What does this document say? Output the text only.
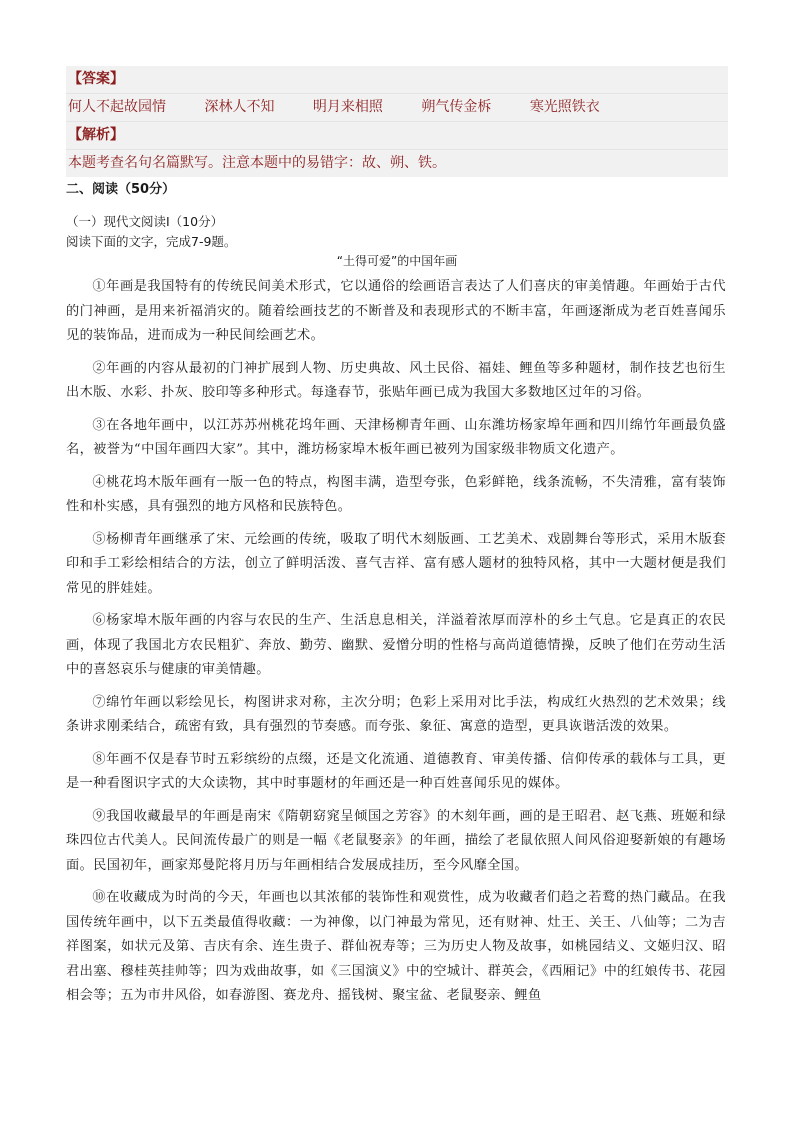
【答案】
何人不起故园情	深林人不知	明月来相照	朔气传金柝	寒光照铁衣
【解析】
本题考查名句名篇默写。注意本题中的易错字：故、朔、铁。
二、阅读（50分）
（一）现代文阅读Ⅰ（10分）
阅读下面的文字，完成7-9题。
“土得可爱”的中国年画

①年画是我国特有的传统民间美术形式，它以通俗的绘画语言表达了人们喜庆的审美情趣。年画始于古代的门神画，是用来祈福消灾的。随着绘画技艺的不断普及和表现形式的不断丰富，年画逐渐成为老百姓喜闻乐见的装饰品，进而成为一种民间绘画艺术。

②年画的内容从最初的门神扩展到人物、历史典故、风土民俗、福娃、鲤鱼等多种题材，制作技艺也衍生出木版、水彩、扑灰、胶印等多种形式。每逢春节，张贴年画已成为我国大多数地区过年的习俗。

③在各地年画中，以江苏苏州桃花坞年画、天津杨柳青年画、山东潍坊杨家埠年画和四川绵竹年画最负盛名，被誉为“中国年画四大家”。其中，潍坊杨家埠木板年画已被列为国家级非物质文化遗产。

④桃花坞木版年画有一版一色的特点，构图丰满，造型夸张，色彩鲜艳，线条流畅，不失清雅，富有装饰性和朴实感，具有强烈的地方风格和民族特色。

⑤杨柳青年画继承了宋、元绘画的传统，吸取了明代木刻版画、工艺美术、戏剧舞台等形式，采用木版套印和手工彩绘相结合的方法，创立了鲜明活泼、喜气吉祥、富有感人题材的独特风格，其中一大题材便是我们常见的胖娃娃。

⑥杨家埠木版年画的内容与农民的生产、生活息息相关，洋溢着浓厚而淳朴的乡土气息。它是真正的农民画，体现了我国北方农民粗犷、奔放、勤劳、幽默、爱憎分明的性格与高尚道德情操，反映了他们在劳动生活中的喜怒哀乐与健康的审美情趣。

⑦绵竹年画以彩绘见长，构图讲求对称，主次分明；色彩上采用对比手法，构成红火热烈的艺术效果；线条讲求刚柔结合，疏密有致，具有强烈的节奏感。而夸张、象征、寓意的造型，更具诙谐活泼的效果。

⑧年画不仅是春节时五彩缤纷的点缀，还是文化流通、道德教育、审美传播、信仰传承的载体与工具，更是一种看图识字式的大众读物，其中时事题材的年画还是一种百姓喜闻乐见的媒体。

⑨我国收藏最早的年画是南宋《隋朝窈窕呈倾国之芳容》的木刻年画，画的是王昭君、赵飞燕、班姬和绿珠四位古代美人。民间流传最广的则是一幅《老鼠娶亲》的年画，描绘了老鼠依照人间风俗迎娶新娘的有趣场面。民国初年，画家郑曼陀将月历与年画相结合发展成挂历，至今风靡全国。

⑩在收藏成为时尚的今天，年画也以其浓郁的装饰性和观赏性，成为收藏者们趋之若鹜的热门藏品。在我国传统年画中，以下五类最值得收藏：一为神像，以门神最为常见，还有财神、灶王、关王、八仙等；二为吉祥图案，如状元及第、吉庆有余、连生贵子、群仙祝寿等；三为历史人物及故事，如桃园结义、文姬归汉、昭君出塞、穆桂英挂帅等；四为戏曲故事，如《三国演义》中的空城计、群英会，《西厢记》中的红娘传书、花园相会等；五为市井风俗，如春游图、赛龙舟、摇钱树、聚宝盆、老鼠娶亲、鲤鱼
